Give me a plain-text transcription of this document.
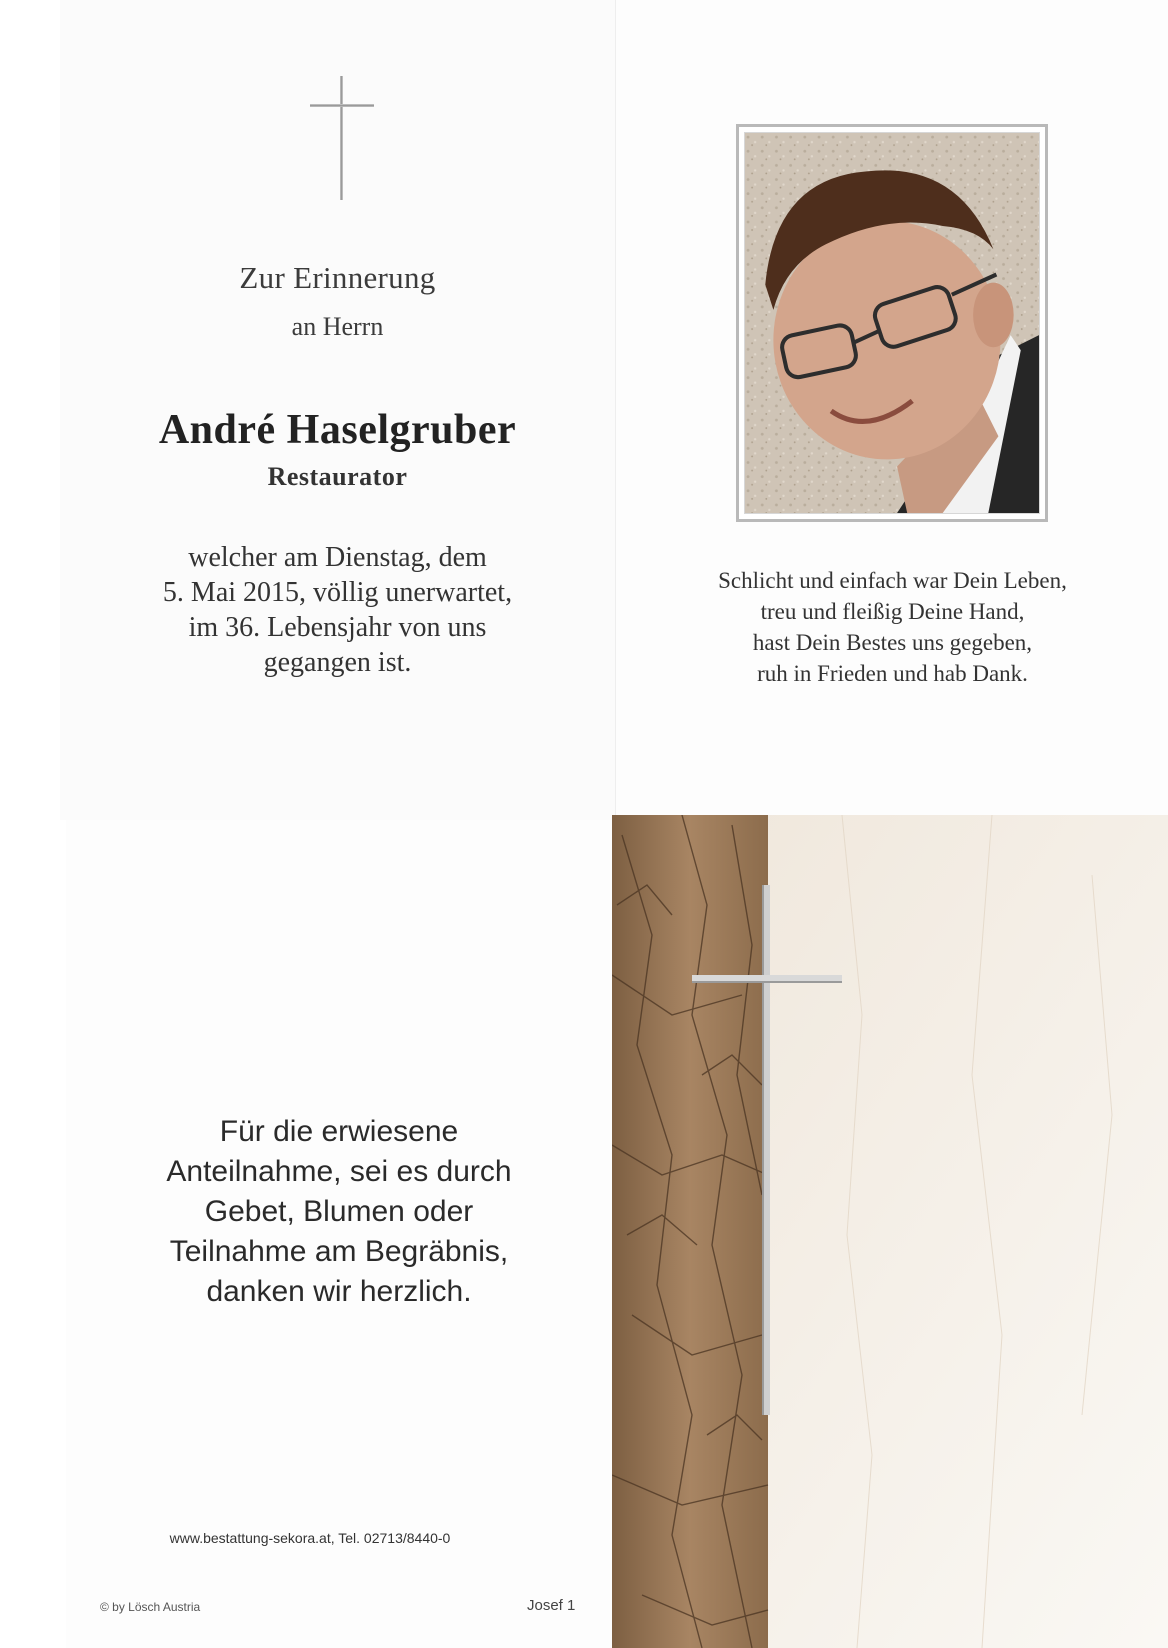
Zur Erinnerung
an Herrn
André Haselgruber
Restaurator
welcher am Dienstag, dem
5. Mai 2015, völlig unerwartet,
im 36. Lebensjahr von uns
gegangen ist.
Schlicht und einfach war Dein Leben,
treu und fleißig Deine Hand,
hast Dein Bestes uns gegeben,
ruh in Frieden und hab Dank.
Für die erwiesene
Anteilnahme, sei es durch
Gebet, Blumen oder
Teilnahme am Begräbnis,
danken wir herzlich.
www.bestattung-sekora.at, Tel. 02713/8440-0
© by Lösch Austria	Josef 1
